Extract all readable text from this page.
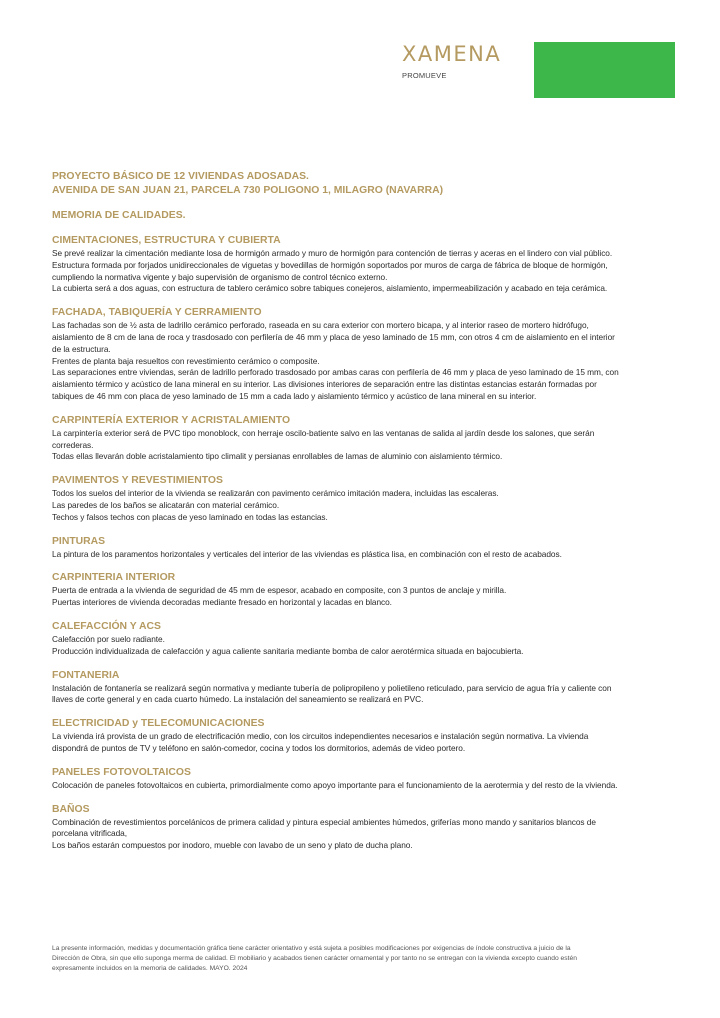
XAMENA
PROMUEVE
PROYECTO BÁSICO DE 12 VIVIENDAS ADOSADAS.
AVENIDA DE SAN JUAN 21, PARCELA 730 POLIGONO 1, MILAGRO (NAVARRA)
MEMORIA DE CALIDADES.
CIMENTACIONES, ESTRUCTURA Y CUBIERTA
Se prevé realizar la cimentación mediante losa de hormigón armado y muro de hormigón para contención de tierras y aceras en el lindero con vial público.
Estructura formada por forjados unidireccionales de viguetas y bovedillas de hormigón soportados por muros de carga de fábrica de bloque de hormigón,
cumpliendo la normativa vigente y bajo supervisión de organismo de control técnico externo.
La cubierta será a dos aguas, con estructura de tablero cerámico sobre tabiques conejeros, aislamiento, impermeabilización y acabado en teja cerámica.
FACHADA, TABIQUERÍA Y CERRAMIENTO
Las fachadas son de ½ asta de ladrillo cerámico perforado, raseada en su cara exterior con mortero bicapa, y al interior raseo de mortero hidrófugo,
aislamiento de 8 cm de lana de roca y trasdosado con perfilería de 46 mm y placa de yeso laminado de 15 mm, con otros 4 cm de aislamiento en el interior
de la estructura.
Frentes de planta baja resueltos con revestimiento cerámico o composite.
Las separaciones entre viviendas, serán de ladrillo perforado trasdosado por ambas caras con perfilería de 46 mm y placa de yeso laminado de 15 mm, con
aislamiento térmico y acústico de lana mineral en su interior. Las divisiones interiores de separación entre las distintas estancias estarán formadas por
tabiques de 46 mm con placa de yeso laminado de 15 mm a cada lado y aislamiento térmico y acústico de lana mineral en su interior.
CARPINTERÍA EXTERIOR Y ACRISTALAMIENTO
La carpintería exterior será de PVC tipo monoblock, con herraje oscilo-batiente salvo en las ventanas de salida al jardín desde los salones, que serán
correderas.
Todas ellas llevarán doble acristalamiento tipo climalit y persianas enrollables de lamas de aluminio con aislamiento térmico.
PAVIMENTOS Y REVESTIMIENTOS
Todos los suelos del interior de la vivienda se realizarán con pavimento cerámico imitación madera, incluidas las escaleras.
Las paredes de los baños se alicatarán con material cerámico.
Techos y falsos techos con placas de yeso laminado en todas las estancias.
PINTURAS
La pintura de los paramentos horizontales y verticales del interior de las viviendas es plástica lisa, en combinación con el resto de acabados.
CARPINTERIA INTERIOR
Puerta de entrada a la vivienda de seguridad de 45 mm de espesor, acabado en composite, con 3 puntos de anclaje y mirilla.
Puertas interiores de vivienda decoradas mediante fresado en horizontal y lacadas en blanco.
CALEFACCIÓN Y ACS
Calefacción por suelo radiante.
Producción individualizada de calefacción y agua caliente sanitaria mediante bomba de calor aerotérmica situada en bajocubierta.
FONTANERIA
Instalación de fontanería se realizará según normativa y mediante tubería de polipropileno y polietileno reticulado, para servicio de agua fría y caliente con
llaves de corte general y en cada cuarto húmedo. La instalación del saneamiento se realizará en PVC.
ELECTRICIDAD y TELECOMUNICACIONES
La vivienda irá provista de un grado de electrificación medio, con los circuitos independientes necesarios e instalación según normativa. La vivienda
dispondrá de puntos de TV y teléfono en salón-comedor, cocina y todos los dormitorios, además de video portero.
PANELES FOTOVOLTAICOS
Colocación de paneles fotovoltaicos en cubierta, primordialmente como apoyo importante para el funcionamiento de la aerotermia y del resto de la vivienda.
BAÑOS
Combinación de revestimientos porcelánicos de primera calidad y pintura especial ambientes húmedos, griferías mono mando y sanitarios blancos de
porcelana vitrificada,
Los baños estarán compuestos por inodoro, mueble con lavabo de un seno y plato de ducha plano.
La presente información, medidas y documentación gráfica tiene carácter orientativo y está sujeta a posibles modificaciones por exigencias de índole constructiva a juicio de la
Dirección de Obra, sin que ello suponga merma de calidad. El mobiliario y acabados tienen carácter ornamental y por tanto no se entregan con la vivienda excepto cuando estén
expresamente incluidos en la memoria de calidades. MAYO. 2024
